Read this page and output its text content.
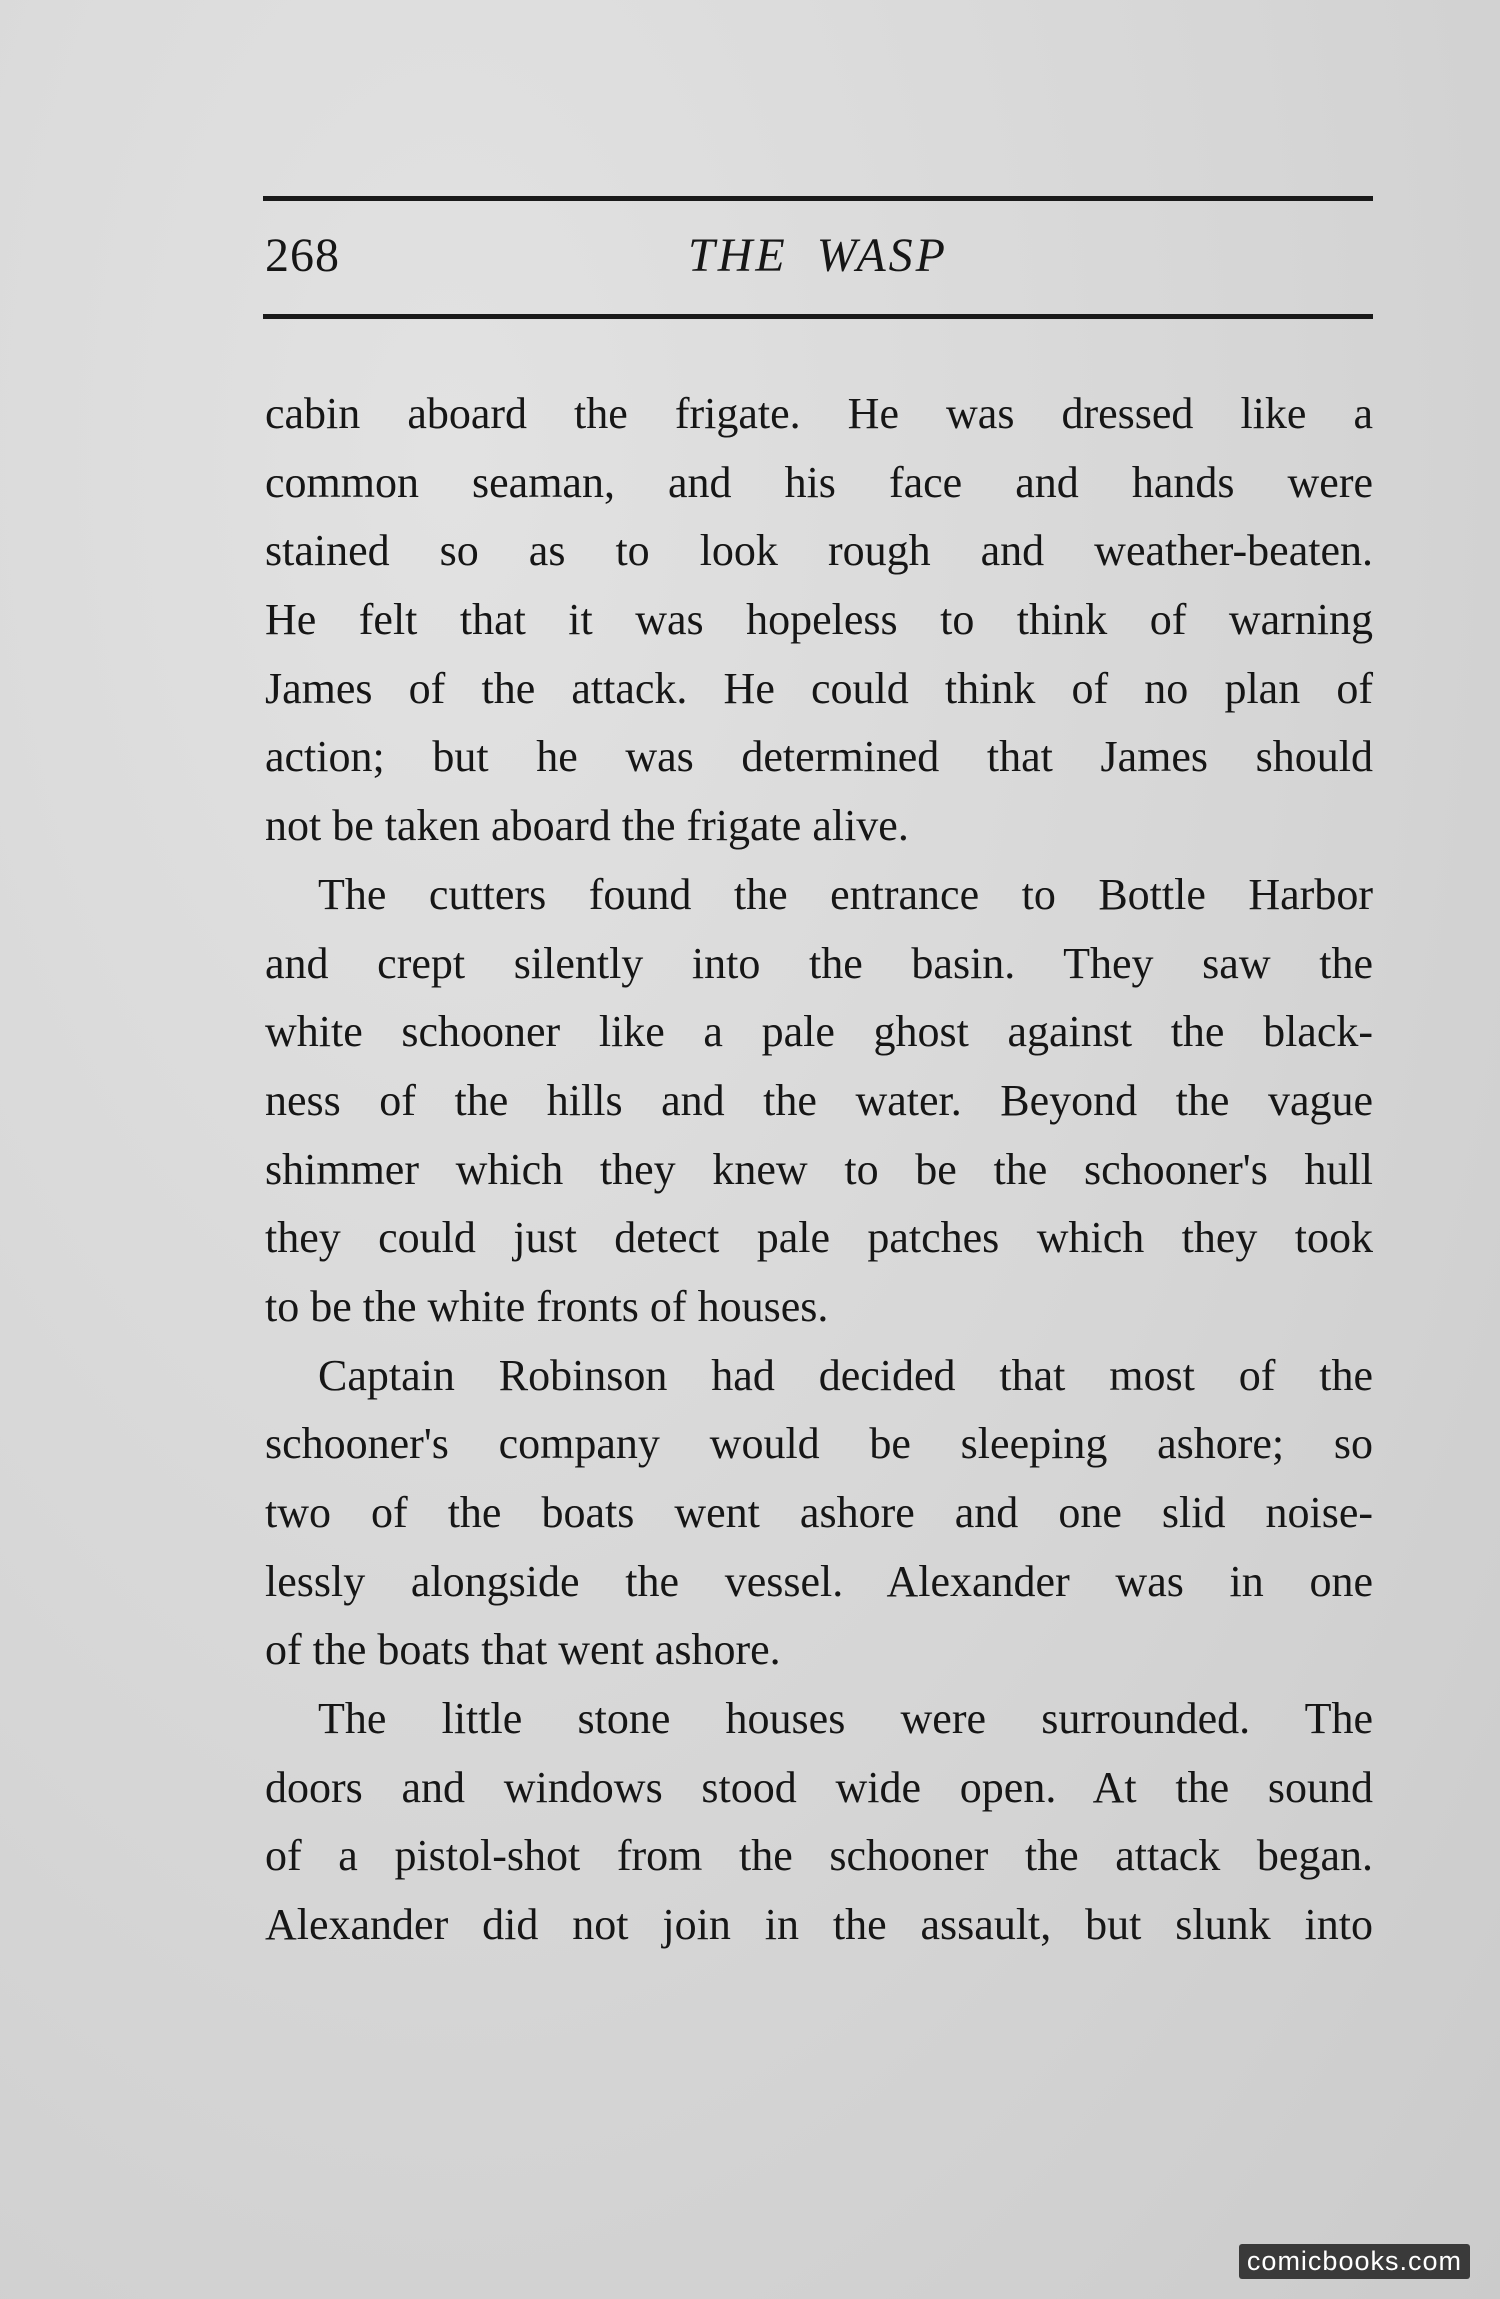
268	THE WASP
cabin aboard the frigate. He was dressed like a
common seaman, and his face and hands were
stained so as to look rough and weather-beaten.
He felt that it was hopeless to think of warning
James of the attack. He could think of no plan of
action; but he was determined that James should
not be taken aboard the frigate alive.
The cutters found the entrance to Bottle Harbor
and crept silently into the basin. They saw the
white schooner like a pale ghost against the black-
ness of the hills and the water. Beyond the vague
shimmer which they knew to be the schooner's hull
they could just detect pale patches which they took
to be the white fronts of houses.
Captain Robinson had decided that most of the
schooner's company would be sleeping ashore; so
two of the boats went ashore and one slid noise-
lessly alongside the vessel. Alexander was in one
of the boats that went ashore.
The little stone houses were surrounded. The
doors and windows stood wide open. At the sound
of a pistol-shot from the schooner the attack began.
Alexander did not join in the assault, but slunk into
comicbooks.com
